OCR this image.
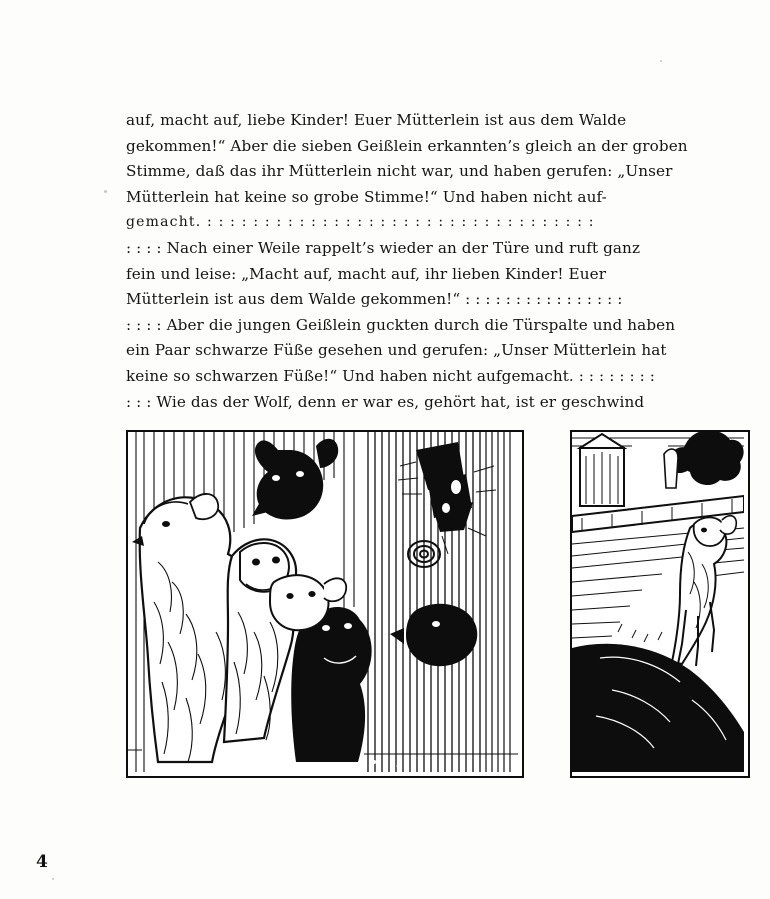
auf, macht auf, liebe Kinder! Euer Mütterlein ist aus dem Walde

gekommen!“ Aber die sieben Geißlein erkannten’s gleich an der groben

Stimme, daß das ihr Mütterlein nicht war, und haben gerufen: „Unser

Mütterlein hat keine so grobe Stimme!“ Und haben nicht auf-

gemacht. : : : : : : : : : : : : : : : : : : : : : : : : : : : : : : : : : :

: : : : Nach einer Weile rappelt’s wieder an der Türe und ruft ganz

fein und leise: „Macht auf, macht auf, ihr lieben Kinder! Euer

Mütterlein ist aus dem Walde gekommen!“ : : : : : : : : : : : : : : : :

: : : : Aber die jungen Geißlein guckten durch die Türspalte und haben

ein Paar schwarze Füße gesehen und gerufen: „Unser Mütterlein hat

keine so schwarzen Füße!“ Und haben nicht aufgemacht. : : : : : : : :

: : : Wie das der Wolf, denn er war es, gehört hat, ist er geschwind

4
